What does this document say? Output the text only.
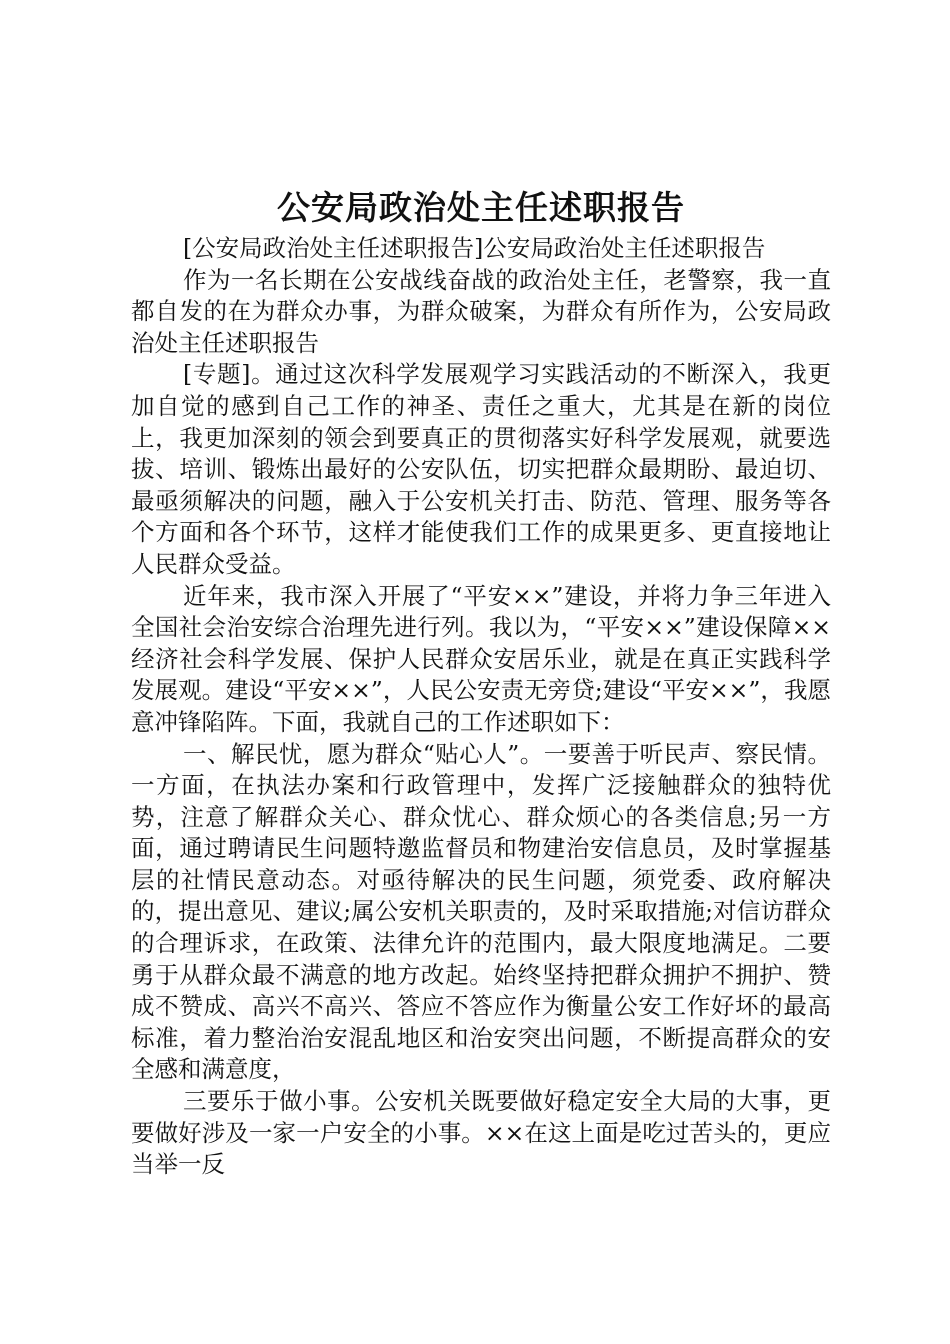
公安局政治处主任述职报告

[公安局政治处主任述职报告]公安局政治处主任述职报告

作为一名长期在公安战线奋战的政治处主任，老警察，我一直都自发的在为群众办事，为群众破案，为群众有所作为，公安局政治处主任述职报告

[专题]。通过这次科学发展观学习实践活动的不断深入，我更加自觉的感到自己工作的神圣、责任之重大，尤其是在新的岗位上，我更加深刻的领会到要真正的贯彻落实好科学发展观，就要选拔、培训、锻炼出最好的公安队伍，切实把群众最期盼、最迫切、最亟须解决的问题，融入于公安机关打击、防范、管理、服务等各个方面和各个环节，这样才能使我们工作的成果更多、更直接地让人民群众受益。

近年来，我市深入开展了“平安××”建设，并将力争三年进入全国社会治安综合治理先进行列。我以为，“平安××”建设保障××经济社会科学发展、保护人民群众安居乐业，就是在真正实践科学发展观。建设“平安××”，人民公安责无旁贷;建设“平安××”，我愿意冲锋陷阵。下面，我就自己的工作述职如下：

一、解民忧，愿为群众“贴心人”。一要善于听民声、察民情。一方面，在执法办案和行政管理中，发挥广泛接触群众的独特优势，注意了解群众关心、群众忧心、群众烦心的各类信息;另一方面，通过聘请民生问题特邀监督员和物建治安信息员，及时掌握基层的社情民意动态。对亟待解决的民生问题，须党委、政府解决的，提出意见、建议;属公安机关职责的，及时采取措施;对信访群众的合理诉求，在政策、法律允许的范围内，最大限度地满足。二要勇于从群众最不满意的地方改起。始终坚持把群众拥护不拥护、赞成不赞成、高兴不高兴、答应不答应作为衡量公安工作好坏的最高标准，着力整治治安混乱地区和治安突出问题，不断提高群众的安全感和满意度，

三要乐于做小事。公安机关既要做好稳定安全大局的大事，更要做好涉及一家一户安全的小事。××在这上面是吃过苦头的，更应当举一反
